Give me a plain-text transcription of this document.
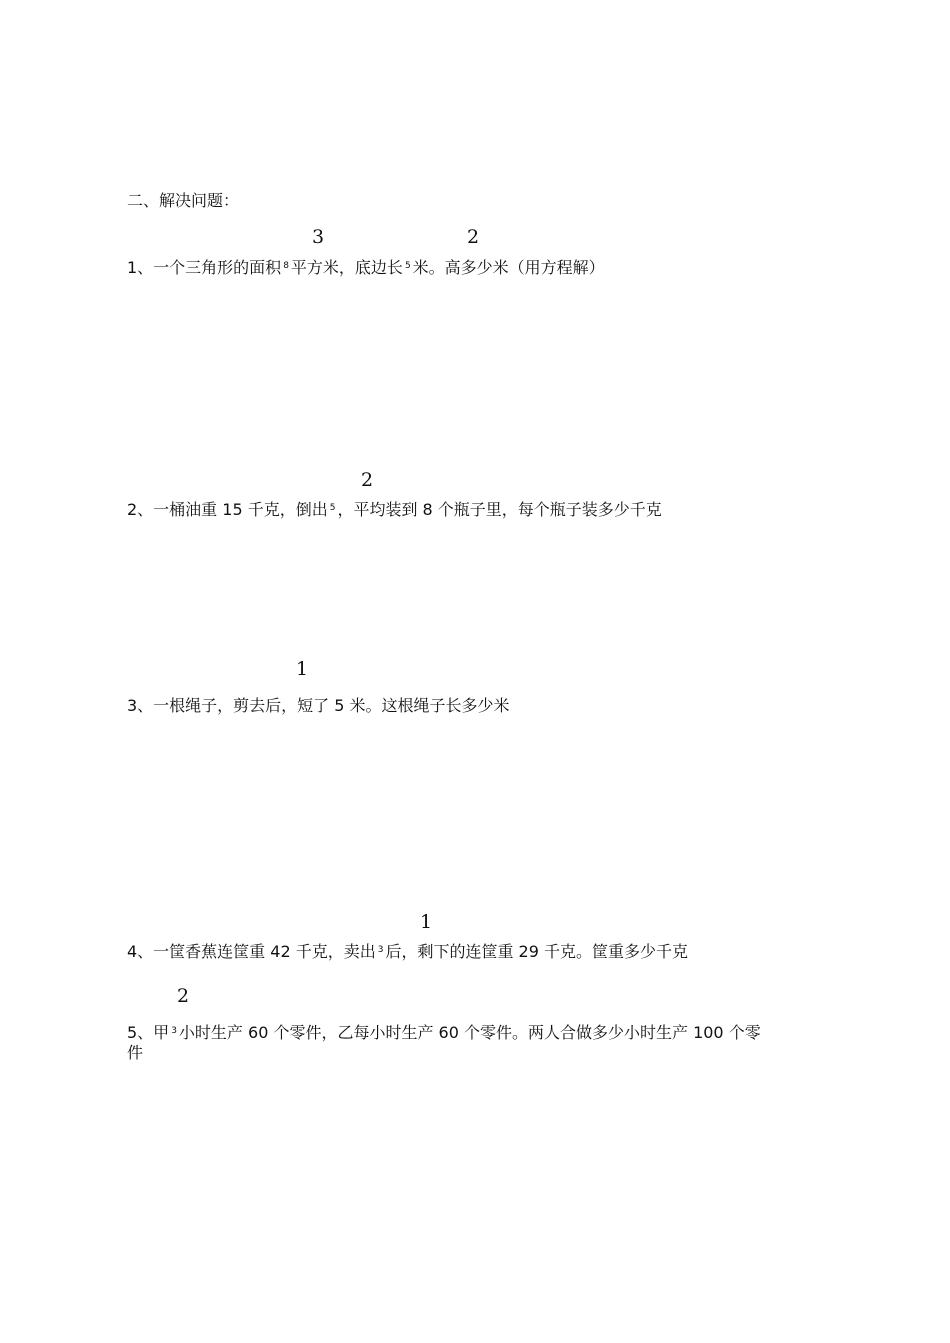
二、解决问题：
3	2
1、一个三角形的面积 $^8$ 平方米，底边长 $^5$ 米。高多少米（用方程解）
2
2、一桶油重 15 千克，倒出 $^5$ ，平均装到 8 个瓶子里，每个瓶子装多少千克
1
3、一根绳子，剪去后，短了 5 米。这根绳子长多少米
1
4、一筐香蕉连筐重 42 千克，卖出 $^3$ 后，剩下的连筐重 29 千克。筐重多少千克
2
5、甲 $^3$ 小时生产 60 个零件，乙每小时生产 60 个零件。两人合做多少小时生产 100 个零
件
